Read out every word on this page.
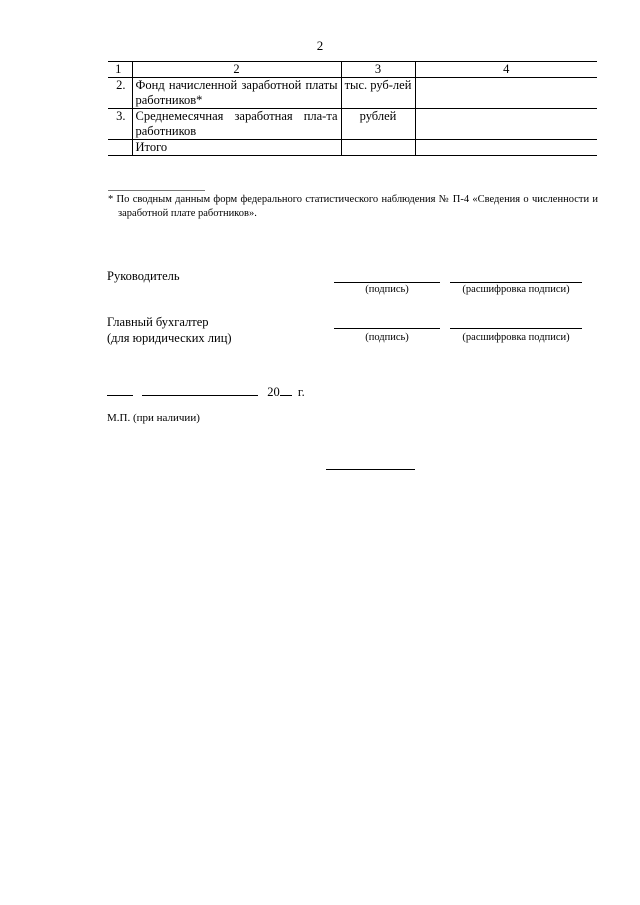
2
1	2	3	4
2.	Фонд начисленной заработной платы работников*	тыс. руб-лей	
3.	Среднемесячная заработная пла-та работников	рублей	
	Итого		
* По сводным данным форм федерального статистического наблюдения № П-4 «Сведения о численности и заработной плате работников».
Руководитель
(подпись)	(расшифровка подписи)
Главный бухгалтер
(для юридических лиц)	(подпись)	(расшифровка подписи)
20 г.
М.П. (при наличии)
